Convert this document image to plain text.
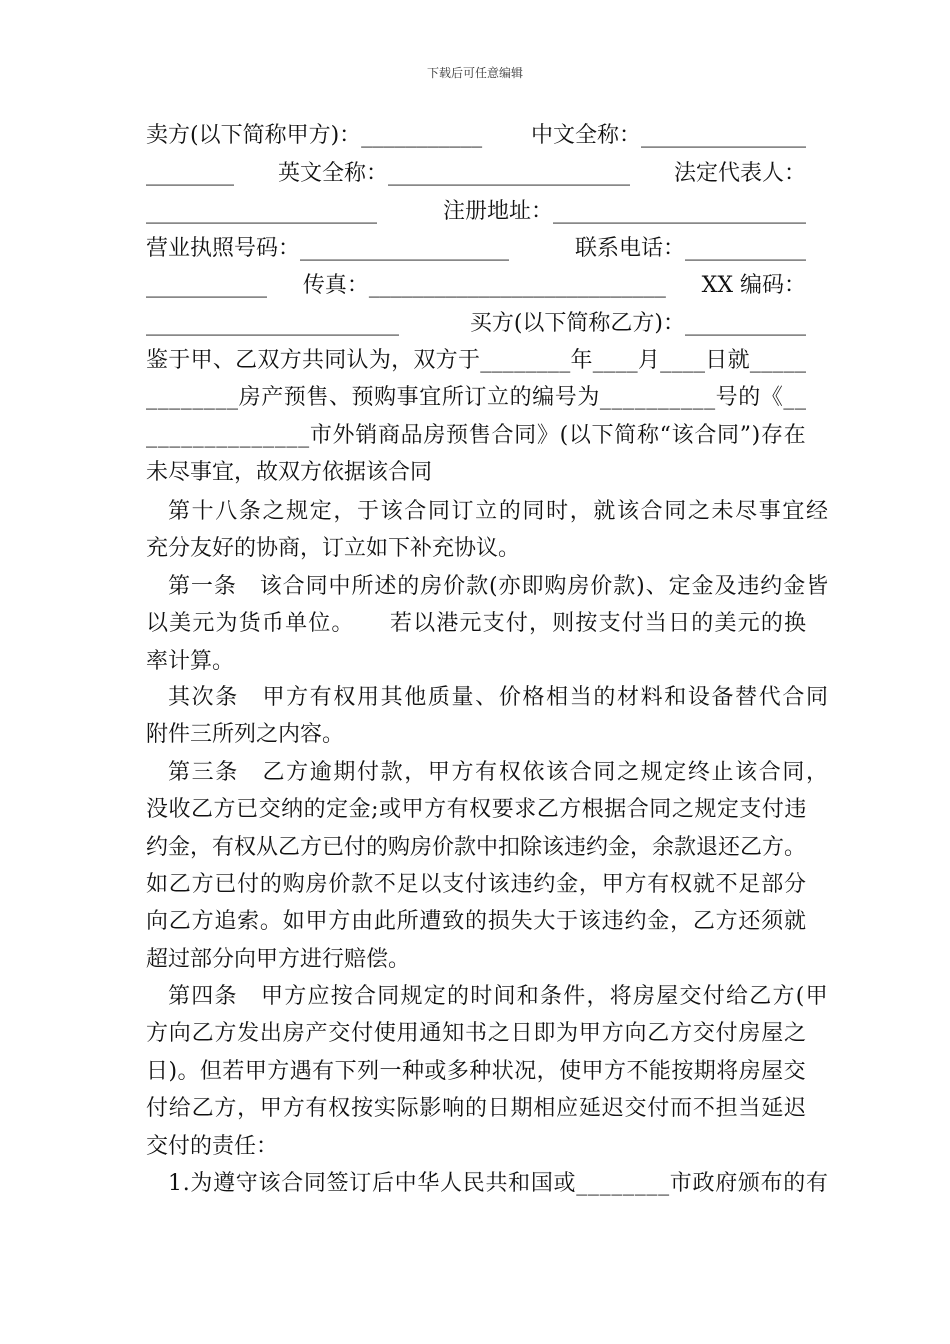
下载后可任意编辑
卖方(以下简称甲方)：___________ 中文全称：_______________
________ 英文全称：______________________ 法定代表人：
_____________________	注册地址：_______________________
营业执照号码：___________________	联系电话：___________
___________ 传真：___________________________ XX 编码：
_______________________	买方(以下简称乙方)：___________
鉴于甲、乙双方共同认为，双方于________年____月____日就_____
________房产预售、预购事宜所订立的编号为__________号的《__
______________市外销商品房预售合同》(以下简称“该合同”)存在
未尽事宜，故双方依据该合同
第十八条之规定，于该合同订立的同时，就该合同之未尽事宜经
充分友好的协商，订立如下补充协议。
第一条　该合同中所述的房价款(亦即购房价款)、定金及违约金皆
以美元为货币单位。　　若以港元支付，则按支付当日的美元的换
率计算。
其次条　甲方有权用其他质量、价格相当的材料和设备替代合同
附件三所列之内容。
第三条　乙方逾期付款，甲方有权依该合同之规定终止该合同，
没收乙方已交纳的定金;或甲方有权要求乙方根据合同之规定支付违
约金，有权从乙方已付的购房价款中扣除该违约金，余款退还乙方。
如乙方已付的购房价款不足以支付该违约金，甲方有权就不足部分
向乙方追索。如甲方由此所遭致的损失大于该违约金，乙方还须就
超过部分向甲方进行赔偿。
第四条　甲方应按合同规定的时间和条件，将房屋交付给乙方(甲
方向乙方发出房产交付使用通知书之日即为甲方向乙方交付房屋之
日)。但若甲方遇有下列一种或多种状况，使甲方不能按期将房屋交
付给乙方，甲方有权按实际影响的日期相应延迟交付而不担当延迟
交付的责任：
1.为遵守该合同签订后中华人民共和国或________市政府颁布的有
